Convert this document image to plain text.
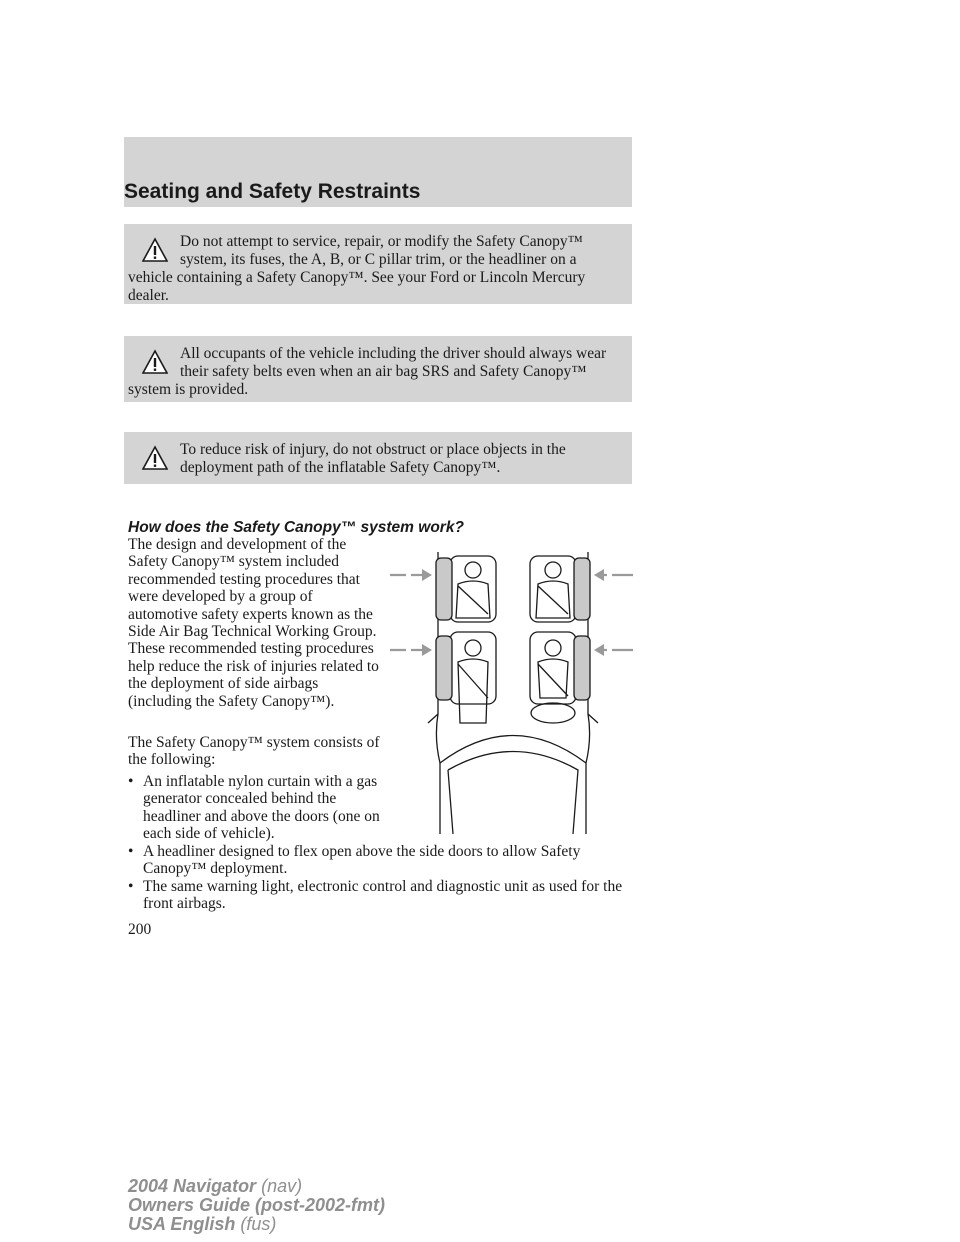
Seating and Safety Restraints
Do not attempt to service, repair, or modify the Safety Canopy™ system, its fuses, the A, B, or C pillar trim, or the headliner on a vehicle containing a Safety Canopy™. See your Ford or Lincoln Mercury dealer.
All occupants of the vehicle including the driver should always wear their safety belts even when an air bag SRS and Safety Canopy™ system is provided.
To reduce risk of injury, do not obstruct or place objects in the deployment path of the inflatable Safety Canopy™.
How does the Safety Canopy™ system work?
The design and development of the Safety Canopy™ system included recommended testing procedures that were developed by a group of automotive safety experts known as the Side Air Bag Technical Working Group. These recommended testing procedures help reduce the risk of injuries related to the deployment of side airbags (including the Safety Canopy™).
The Safety Canopy™ system consists of the following:
• An inflatable nylon curtain with a gas generator concealed behind the headliner and above the doors (one on each side of vehicle).
• A headliner designed to flex open above the side doors to allow Safety Canopy™ deployment.
• The same warning light, electronic control and diagnostic unit as used for the front airbags.
200
2004 Navigator (nav)
Owners Guide (post-2002-fmt)
USA English (fus)
